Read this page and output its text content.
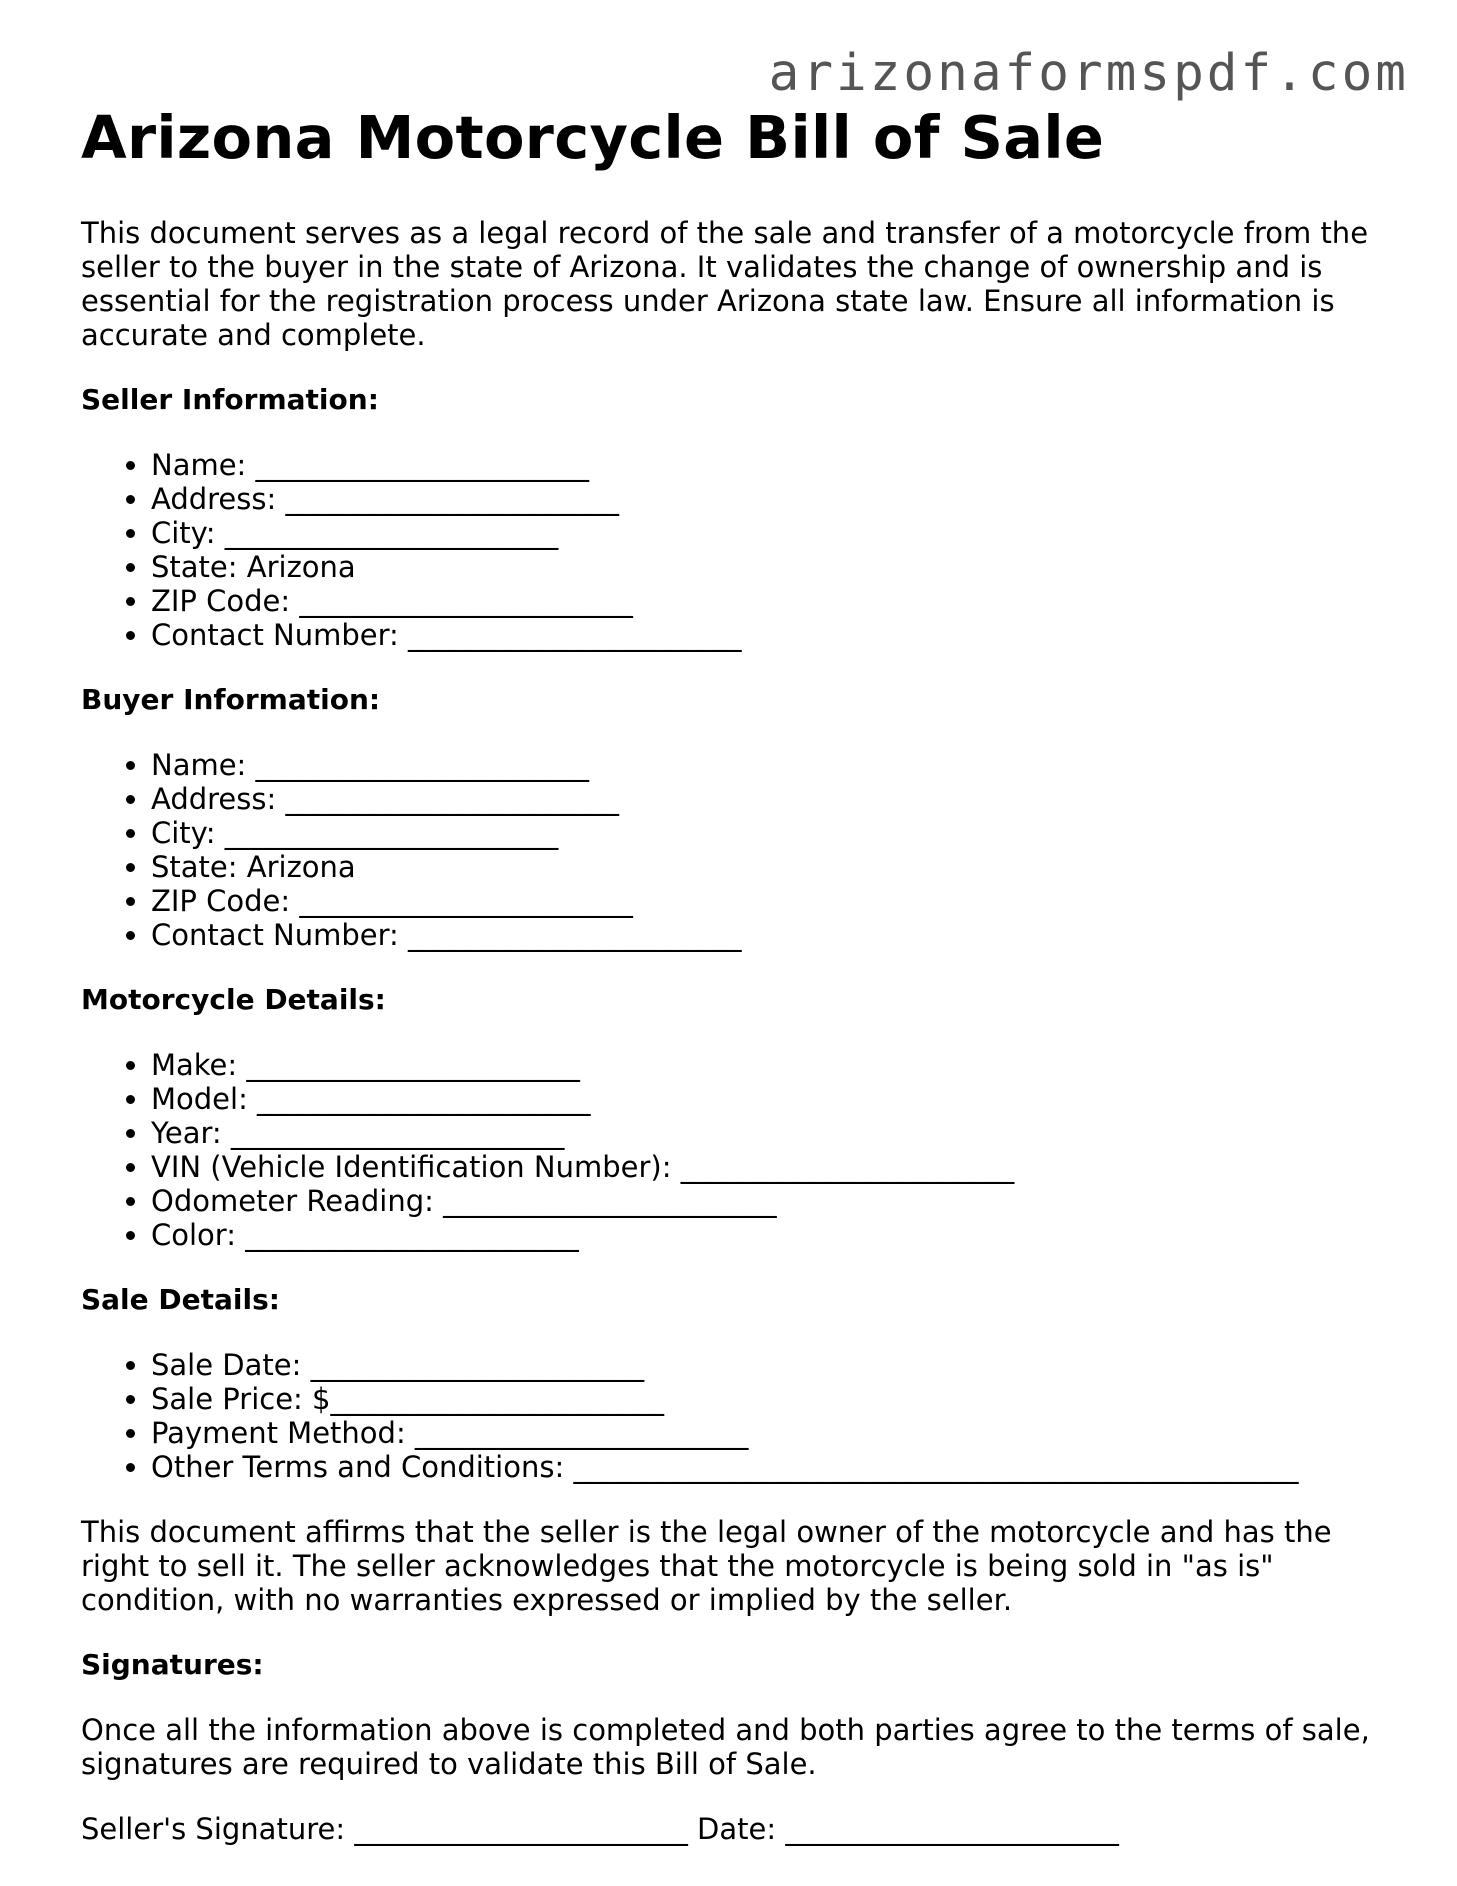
arizonaformspdf.com
Arizona Motorcycle Bill of Sale

This document serves as a legal record of the sale and transfer of a motorcycle from the seller to the buyer in the state of Arizona. It validates the change of ownership and is essential for the registration process under Arizona state law. Ensure all information is accurate and complete.

Seller Information:
• Name: _______________________
• Address: _______________________
• City: _______________________
• State: Arizona
• ZIP Code: _______________________
• Contact Number: _______________________
Buyer Information:
• Name: _______________________
• Address: _______________________
• City: _______________________
• State: Arizona
• ZIP Code: _______________________
• Contact Number: _______________________
Motorcycle Details:
• Make: _______________________
• Model: _______________________
• Year: _______________________
• VIN (Vehicle Identification Number): _______________________
• Odometer Reading: _______________________
• Color: _______________________
Sale Details:
• Sale Date: _______________________
• Sale Price: $_______________________
• Payment Method: _______________________
• Other Terms and Conditions: __________________________________________________

This document affirms that the seller is the legal owner of the motorcycle and has the right to sell it. The seller acknowledges that the motorcycle is being sold in "as is" condition, with no warranties expressed or implied by the seller.

Signatures:

Once all the information above is completed and both parties agree to the terms of sale, signatures are required to validate this Bill of Sale.

Seller's Signature: _______________________ Date: _______________________
